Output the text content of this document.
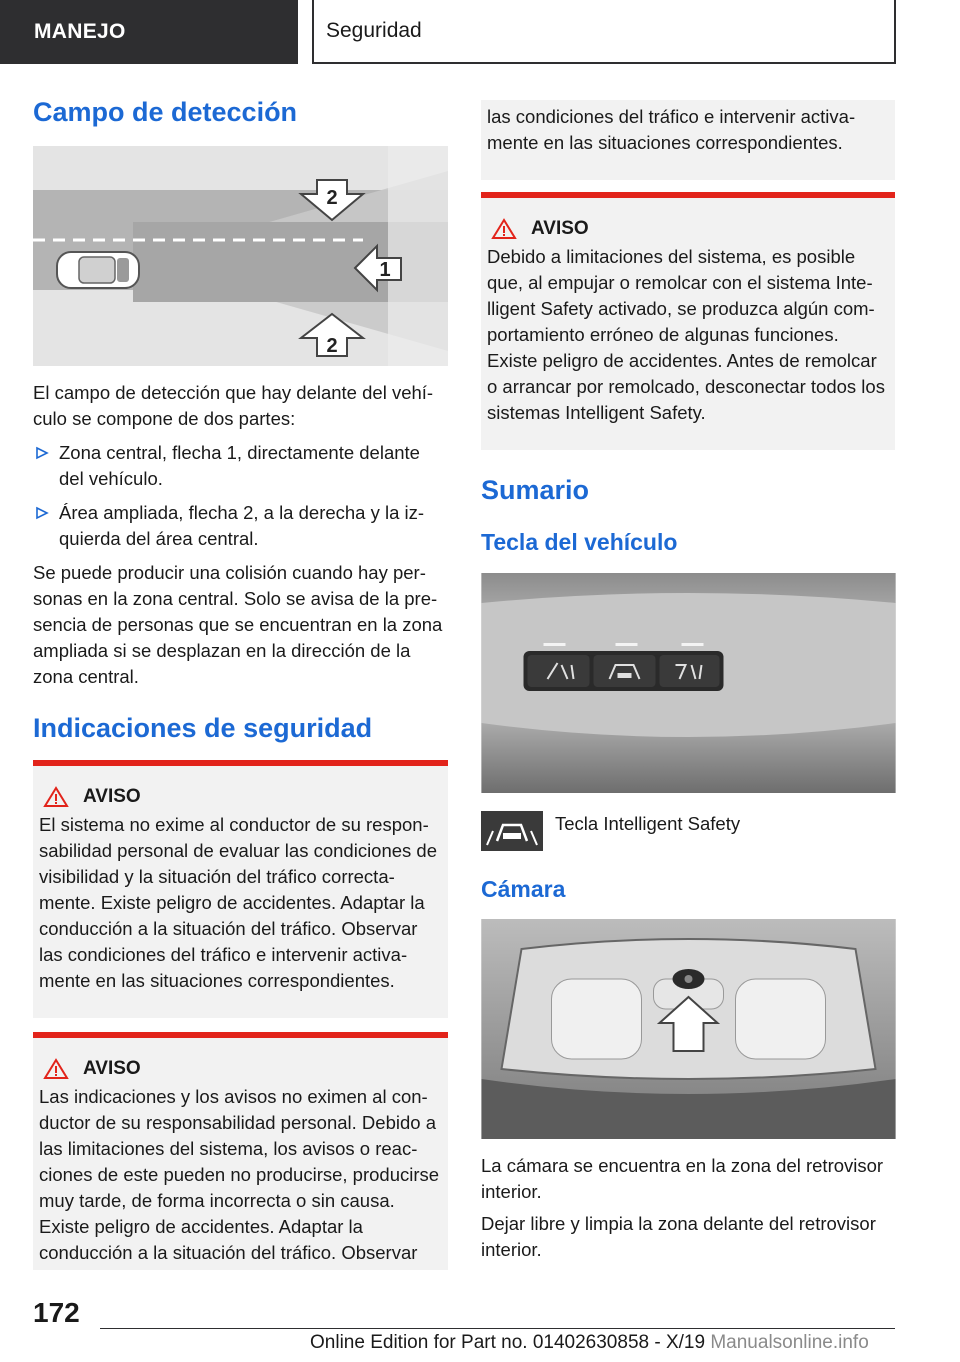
MANEJO	Seguridad
Campo de detección
2
1
2

El campo de detección que hay delante del vehículo se compone de dos partes:

Zona central, flecha 1, directamente delante del vehículo.
Área ampliada, flecha 2, a la derecha y la izquierda del área central.

Se puede producir una colisión cuando hay personas en la zona central. Solo se avisa de la presencia de personas que se encuentran en la zona ampliada si se desplazan en la dirección de la zona central.

Indicaciones de seguridad
AVISO

El sistema no exime al conductor de su responsabilidad personal de evaluar las condiciones de visibilidad y la situación del tráfico correctamente. Existe peligro de accidentes. Adaptar la conducción a la situación del tráfico. Observar las condiciones del tráfico e intervenir activamente en las situaciones correspondientes.

AVISO

Las indicaciones y los avisos no eximen al conductor de su responsabilidad personal. Debido a las limitaciones del sistema, los avisos o reacciones de este pueden no producirse, producirse muy tarde, de forma incorrecta o sin causa. Existe peligro de accidentes. Adaptar la conducción a la situación del tráfico. Observar

las condiciones del tráfico e intervenir activamente en las situaciones correspondientes.

AVISO

Debido a limitaciones del sistema, es posible que, al empujar o remolcar con el sistema Intelligent Safety activado, se produzca algún comportamiento erróneo de algunas funciones. Existe peligro de accidentes. Antes de remolcar o arrancar por remolcado, desconectar todos los sistemas Intelligent Safety.

Sumario
Tecla del vehículo

Tecla Intelligent Safety

Cámara

La cámara se encuentra en la zona del retrovisor interior.

Dejar libre y limpia la zona delante del retrovisor interior.

172
Online Edition for Part no. 01402630858 - X/19 Manualsonline.info
